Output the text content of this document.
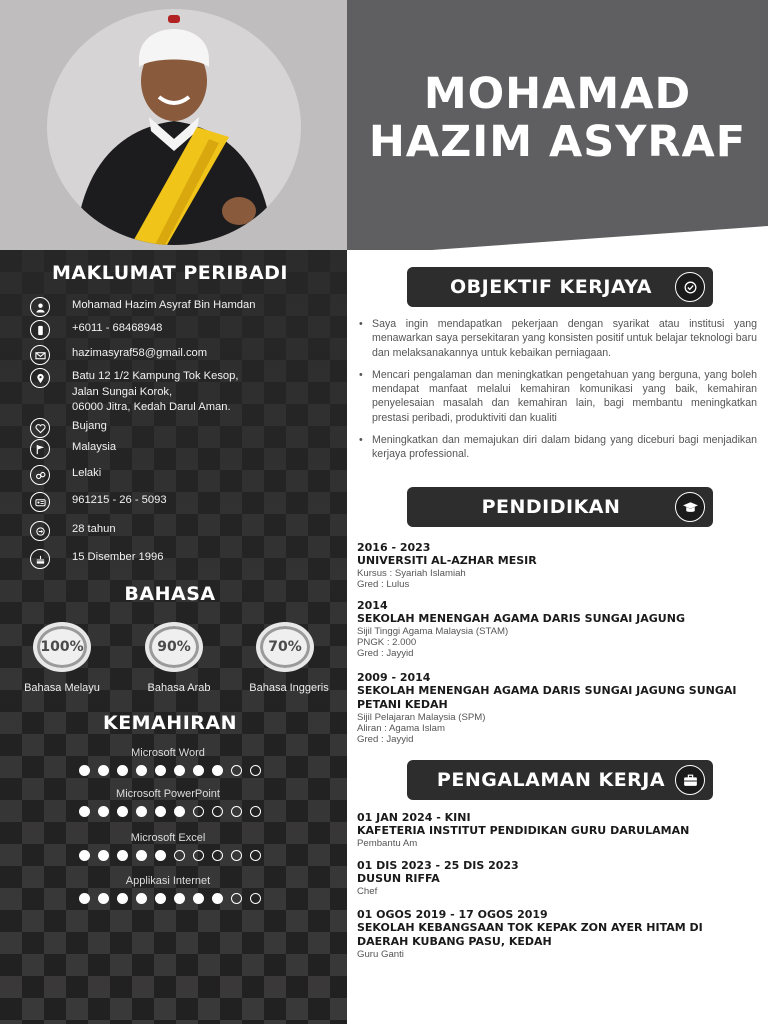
MOHAMAD
HAZIM ASYRAF
MAKLUMAT PERIBADI
Mohamad Hazim Asyraf Bin Hamdan
+6011 - 68468948
hazimasyraf58@gmail.com
Batu 12 1/2 Kampung Tok Kesop,
Jalan Sungai Korok,
06000 Jitra, Kedah Darul Aman.
Bujang
Malaysia
Lelaki
961215 - 26 - 5093
28 tahun
15 Disember 1996
BAHASA
100%
Bahasa Melayu
90%
Bahasa Arab
70%
Bahasa Inggeris
KEMAHIRAN
Microsoft Word
Microsoft PowerPoint
Microsoft Excel
Applikasi Internet
OBJEKTIF KERJAYA
• Saya ingin mendapatkan pekerjaan dengan syarikat atau institusi yang menawarkan saya persekitaran yang konsisten positif untuk belajar teknologi baru dan melaksanakannya untuk kebaikan perniagaan.
• Mencari pengalaman dan meningkatkan pengetahuan yang berguna, yang boleh mendapat manfaat melalui kemahiran komunikasi yang baik, kemahiran penyelesaian masalah dan kemahiran lain, bagi membantu meningkatkan prestasi peribadi, produktiviti dan kualiti
• Meningkatkan dan memajukan diri dalam bidang yang diceburi bagi menjadikan kerjaya professional.
PENDIDIKAN
2016 - 2023
UNIVERSITI AL-AZHAR MESIR
Kursus : Syariah Islamiah
Gred : Lulus
2014
SEKOLAH MENENGAH AGAMA DARIS SUNGAI JAGUNG
Sijil Tinggi Agama Malaysia (STAM)
PNGK : 2.000
Gred : Jayyid
2009 - 2014
SEKOLAH MENENGAH AGAMA DARIS SUNGAI JAGUNG SUNGAI PETANI KEDAH
Sijil Pelajaran Malaysia (SPM)
Aliran : Agama Islam
Gred : Jayyid
PENGALAMAN KERJA
01 JAN 2024 - KINI
KAFETERIA INSTITUT PENDIDIKAN GURU DARULAMAN
Pembantu Am
01 DIS 2023 - 25 DIS 2023
DUSUN RIFFA
Chef
01 OGOS 2019 - 17 OGOS 2019
SEKOLAH KEBANGSAAN TOK KEPAK ZON AYER HITAM DI DAERAH KUBANG PASU, KEDAH
Guru Ganti
